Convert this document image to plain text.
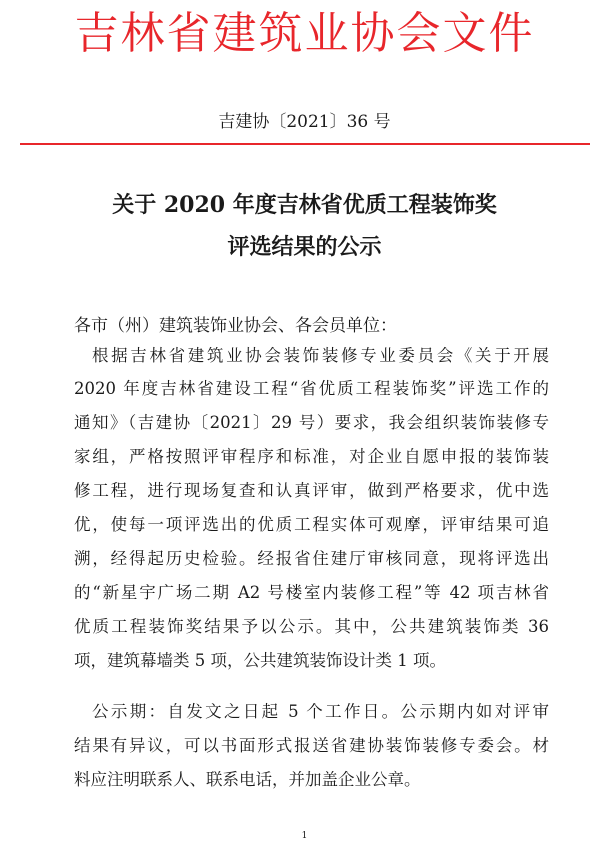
吉林省建筑业协会文件
吉建协〔2021〕36 号
关于 2020 年度吉林省优质工程装饰奖
评选结果的公示
各市（州）建筑装饰业协会、各会员单位：
根据吉林省建筑业协会装饰装修专业委员会《关于开展
2020 年度吉林省建设工程“省优质工程装饰奖”评选工作的
通知》（吉建协〔2021〕29 号）要求，我会组织装饰装修专
家组，严格按照评审程序和标准，对企业自愿申报的装饰装
修工程，进行现场复查和认真评审，做到严格要求，优中选
优，使每一项评选出的优质工程实体可观摩，评审结果可追
溯，经得起历史检验。经报省住建厅审核同意，现将评选出
的“新星宇广场二期 A2 号楼室内装修工程”等 42 项吉林省
优质工程装饰奖结果予以公示。其中，公共建筑装饰类 36
项，建筑幕墙类 5 项，公共建筑装饰设计类 1 项。
公示期：自发文之日起 5 个工作日。公示期内如对评审
结果有异议，可以书面形式报送省建协装饰装修专委会。材
料应注明联系人、联系电话，并加盖企业公章。
1
